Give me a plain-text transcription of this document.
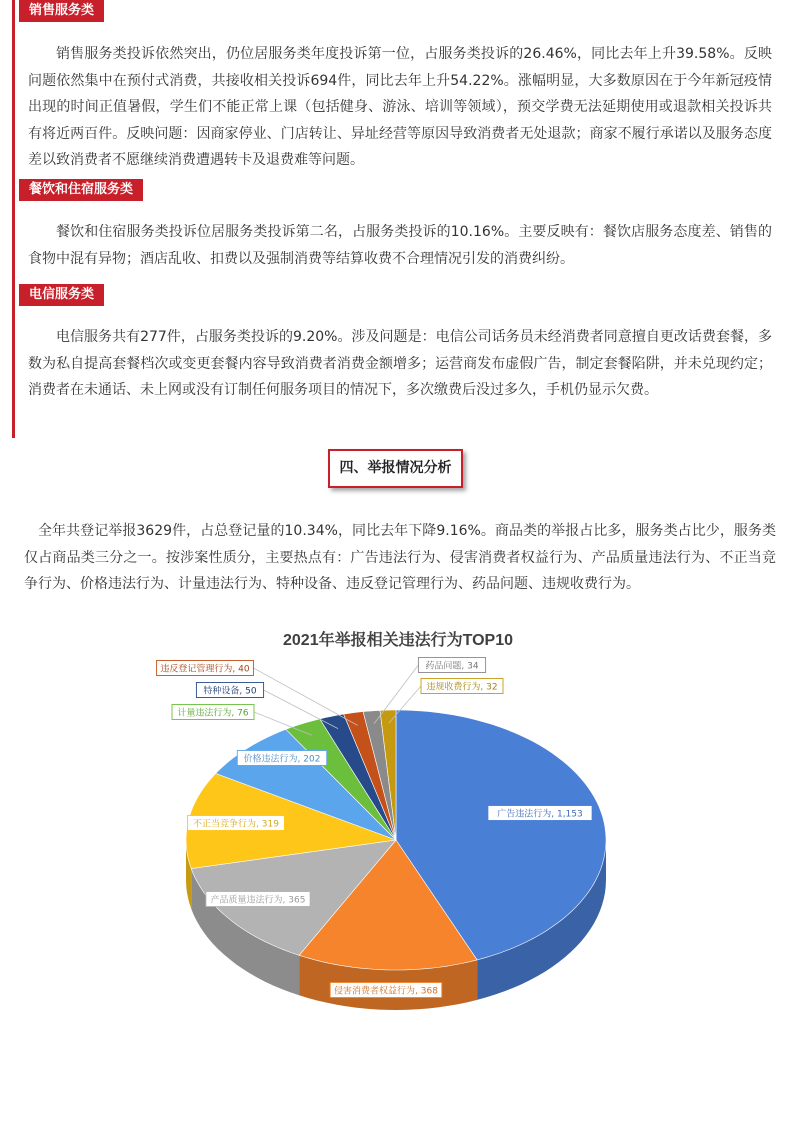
销售服务类

销售服务类投诉依然突出，仍位居服务类年度投诉第一位，占服务类投诉的26.46%，同比去年上升39.58%。反映问题依然集中在预付式消费，共接收相关投诉694件，同比去年上升54.22%。涨幅明显，大多数原因在于今年新冠疫情出现的时间正值暑假，学生们不能正常上课（包括健身、游泳、培训等领域），预交学费无法延期使用或退款相关投诉共有将近两百件。反映问题：因商家停业、门店转让、异址经营等原因导致消费者无处退款；商家不履行承诺以及服务态度差以致消费者不愿继续消费遭遇转卡及退费难等问题。

餐饮和住宿服务类

餐饮和住宿服务类投诉位居服务类投诉第二名，占服务类投诉的10.16%。主要反映有：餐饮店服务态度差、销售的食物中混有异物；酒店乱收、扣费以及强制消费等结算收费不合理情况引发的消费纠纷。

电信服务类

电信服务共有277件，占服务类投诉的9.20%。涉及问题是：电信公司话务员未经消费者同意擅自更改话费套餐，多数为私自提高套餐档次或变更套餐内容导致消费者消费金额增多；运营商发布虚假广告，制定套餐陷阱，并未兑现约定；消费者在未通话、未上网或没有订制任何服务项目的情况下，多次缴费后没过多久，手机仍显示欠费。

四、举报情况分析

全年共登记举报3629件，占总登记量的10.34%，同比去年下降9.16%。商品类的举报占比多，服务类占比少，服务类仅占商品类三分之一。按涉案性质分，主要热点有：广告违法行为、侵害消费者权益行为、产品质量违法行为、不正当竞争行为、价格违法行为、计量违法行为、特种设备、违反登记管理行为、药品问题、违规收费行为。

2021年举报相关违法行为TOP10
广告违法行为, 1,153
侵害消费者权益行为, 368
产品质量违法行为, 365
不正当竞争行为, 319
价格违法行为, 202
计量违法行为, 76
特种设备, 50
违反登记管理行为, 40	药品问题, 34
违规收费行为, 32
